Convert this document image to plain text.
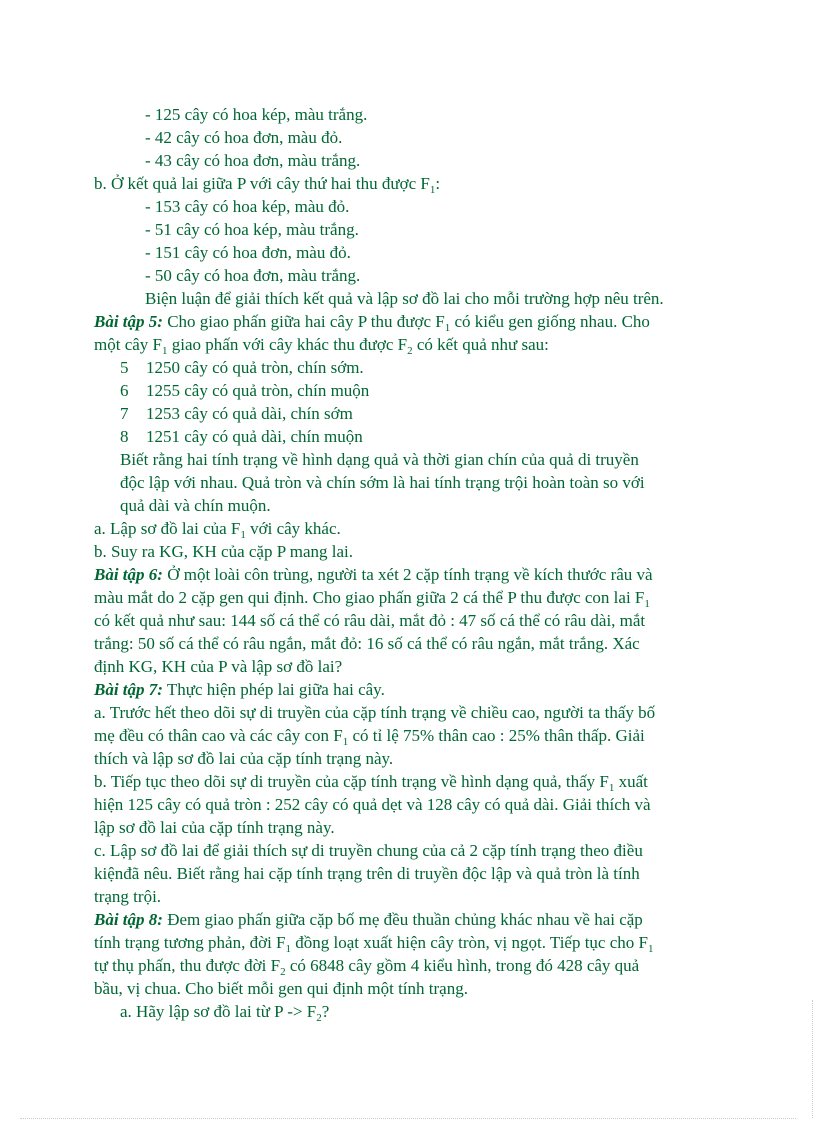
- 125 cây có hoa kép, màu trắng.
- 42 cây có hoa đơn, màu đỏ.
- 43 cây có hoa đơn, màu trắng.
b. Ở kết quả lai giữa P với cây thứ hai thu được $F_1$:
- 153 cây có hoa kép, màu đỏ.
- 51 cây có hoa kép, màu trắng.
- 151 cây có hoa đơn, màu đỏ.
- 50 cây có hoa đơn, màu trắng.
Biện luận để giải thích kết quả và lập sơ đồ lai cho mỗi trường hợp nêu trên.
Bài tập 5: Cho giao phấn giữa hai cây P thu được $F_1$ có kiểu gen giống nhau. Cho
một cây $F_1$ giao phấn với cây khác thu được $F_2$ có kết quả như sau:
5 1250 cây có quả tròn, chín sớm.
6 1255 cây có quả tròn, chín muộn
7 1253 cây có quả dài, chín sớm
8 1251 cây có quả dài, chín muộn
Biết rằng hai tính trạng về hình dạng quả và thời gian chín của quả di truyền
độc lập với nhau. Quả tròn và chín sớm là hai tính trạng trội hoàn toàn so với
quả dài và chín muộn.
a. Lập sơ đồ lai của $F_1$ với cây khác.
b. Suy ra KG, KH của cặp P mang lai.
Bài tập 6: Ở một loài côn trùng, người ta xét 2 cặp tính trạng về kích thước râu và
màu mắt do 2 cặp gen qui định. Cho giao phấn giữa 2 cá thể P thu được con lai $F_1$
có kết quả như sau: 144 số cá thể có râu dài, mắt đỏ : 47 số cá thể có râu dài, mắt
trắng: 50 số cá thể có râu ngắn, mắt đỏ: 16 số cá thể có râu ngắn, mắt trắng. Xác
định KG, KH của P và lập sơ đồ lai?
Bài tập 7: Thực hiện phép lai giữa hai cây.
a. Trước hết theo dõi sự di truyền của cặp tính trạng về chiều cao, người ta thấy bố
mẹ đều có thân cao và các cây con $F_1$ có tỉ lệ 75% thân cao : 25% thân thấp. Giải
thích và lập sơ đồ lai của cặp tính trạng này.
b. Tiếp tục theo dõi sự di truyền của cặp tính trạng về hình dạng quả, thấy $F_1$ xuất
hiện 125 cây có quả tròn : 252 cây có quả dẹt và 128 cây có quả dài. Giải thích và
lập sơ đồ lai của cặp tính trạng này.
c. Lập sơ đồ lai để giải thích sự di truyền chung của cả 2 cặp tính trạng theo điều
kiệnđã nêu. Biết rằng hai cặp tính trạng trên di truyền độc lập và quả tròn là tính
trạng trội.
Bài tập 8: Đem giao phấn giữa cặp bố mẹ đều thuần chủng khác nhau về hai cặp
tính trạng tương phản, đời $F_1$ đồng loạt xuất hiện cây tròn, vị ngọt. Tiếp tục cho $F_1$
tự thụ phấn, thu được đời $F_2$ có 6848 cây gồm 4 kiểu hình, trong đó 428 cây quả
bầu, vị chua. Cho biết mỗi gen qui định một tính trạng.
a. Hãy lập sơ đồ lai từ $P -> F_2$?
